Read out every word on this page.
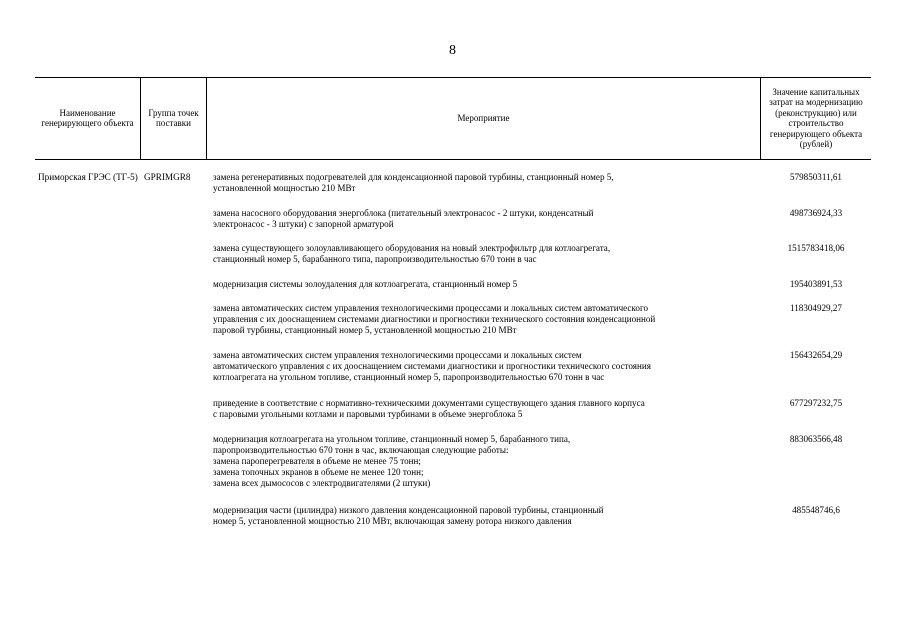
8
Наименование генерирующего объекта
Группа точек поставки
Мероприятие
Значение капитальных затрат на модернизацию (реконструкцию) или строительство генерирующего объекта (рублей)
Приморская ГРЭС (ТГ-5) GPRIMGR8	замена регенеративных подогревателей для конденсационной паровой турбины, станционный номер 5,
установленной мощностью 210 МВт
579850311,61
замена насосного оборудования энергоблока (питательный электронасос - 2 штуки, конденсатный
электронасос - 3 штуки) с запорной арматурой
498736924,33
замена существующего золоулавливающего оборудования на новый электрофильтр для котлоагрегата,
станционный номер 5, барабанного типа, паропроизводительностью 670 тонн в час
1515783418,06
модернизация системы золоудаления для котлоагрегата, станционный номер 5	195403891,53
замена автоматических систем управления технологическими процессами и локальных систем автоматического
управления с их дооснащением системами диагностики и прогностики технического состояния конденсационной
паровой турбины, станционный номер 5, установленной мощностью 210 МВт
118304929,27
замена автоматических систем управления технологическими процессами и локальных систем
автоматического управления с их дооснащением системами диагностики и прогностики технического состояния
котлоагрегата на угольном топливе, станционный номер 5, паропроизводительностью 670 тонн в час
156432654,29
приведение в соответствие с нормативно-техническими документами существующего здания главного корпуса
с паровыми угольными котлами и паровыми турбинами в объеме энергоблока 5
677297232,75
модернизация котлоагрегата на угольном топливе, станционный номер 5, барабанного типа,
паропроизводительностью 670 тонн в час, включающая следующие работы:
замена пароперегревателя в объеме не менее 75 тонн;
замена топочных экранов в объеме не менее 120 тонн;
замена всех дымососов с электродвигателями (2 штуки)
883063566,48
модернизация части (цилиндра) низкого давления конденсационной паровой турбины, станционный
номер 5, установленной мощностью 210 МВт, включающая замену ротора низкого давления
485548746,6
